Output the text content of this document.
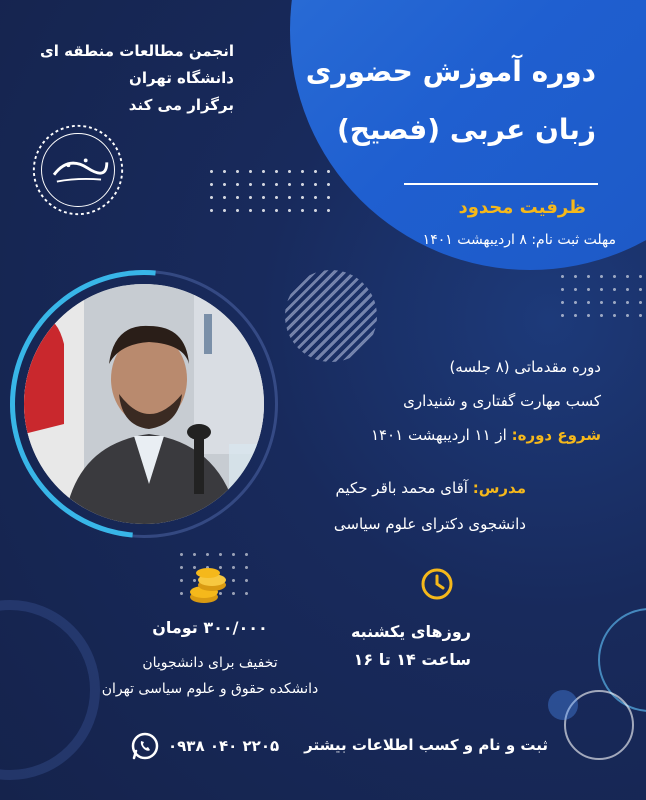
دوره آموزش حضوری
زبان عربی (فصیح)
ظرفیت محدود
مهلت ثبت نام: ۸ اردیبهشت ۱۴۰۱
انجمن مطالعات منطقه ای
دانشگاه تهران
برگزار می کند
دوره مقدماتی (۸ جلسه)
کسب مهارت گفتاری و شنیداری
شروع دوره: از ۱۱ اردیبهشت ۱۴۰۱
مدرس: آقای محمد باقر حکیم
دانشجوی دکترای علوم سیاسی
روزهای یکشنبه
ساعت ۱۴ تا ۱۶
۳۰۰/۰۰۰ تومان
تخفیف برای دانشجویان
دانشکده حقوق و علوم سیاسی تهران
ثبت و نام و کسب اطلاعات بیشتر
۰۹۳۸ ۰۴۰ ۲۲۰۵
